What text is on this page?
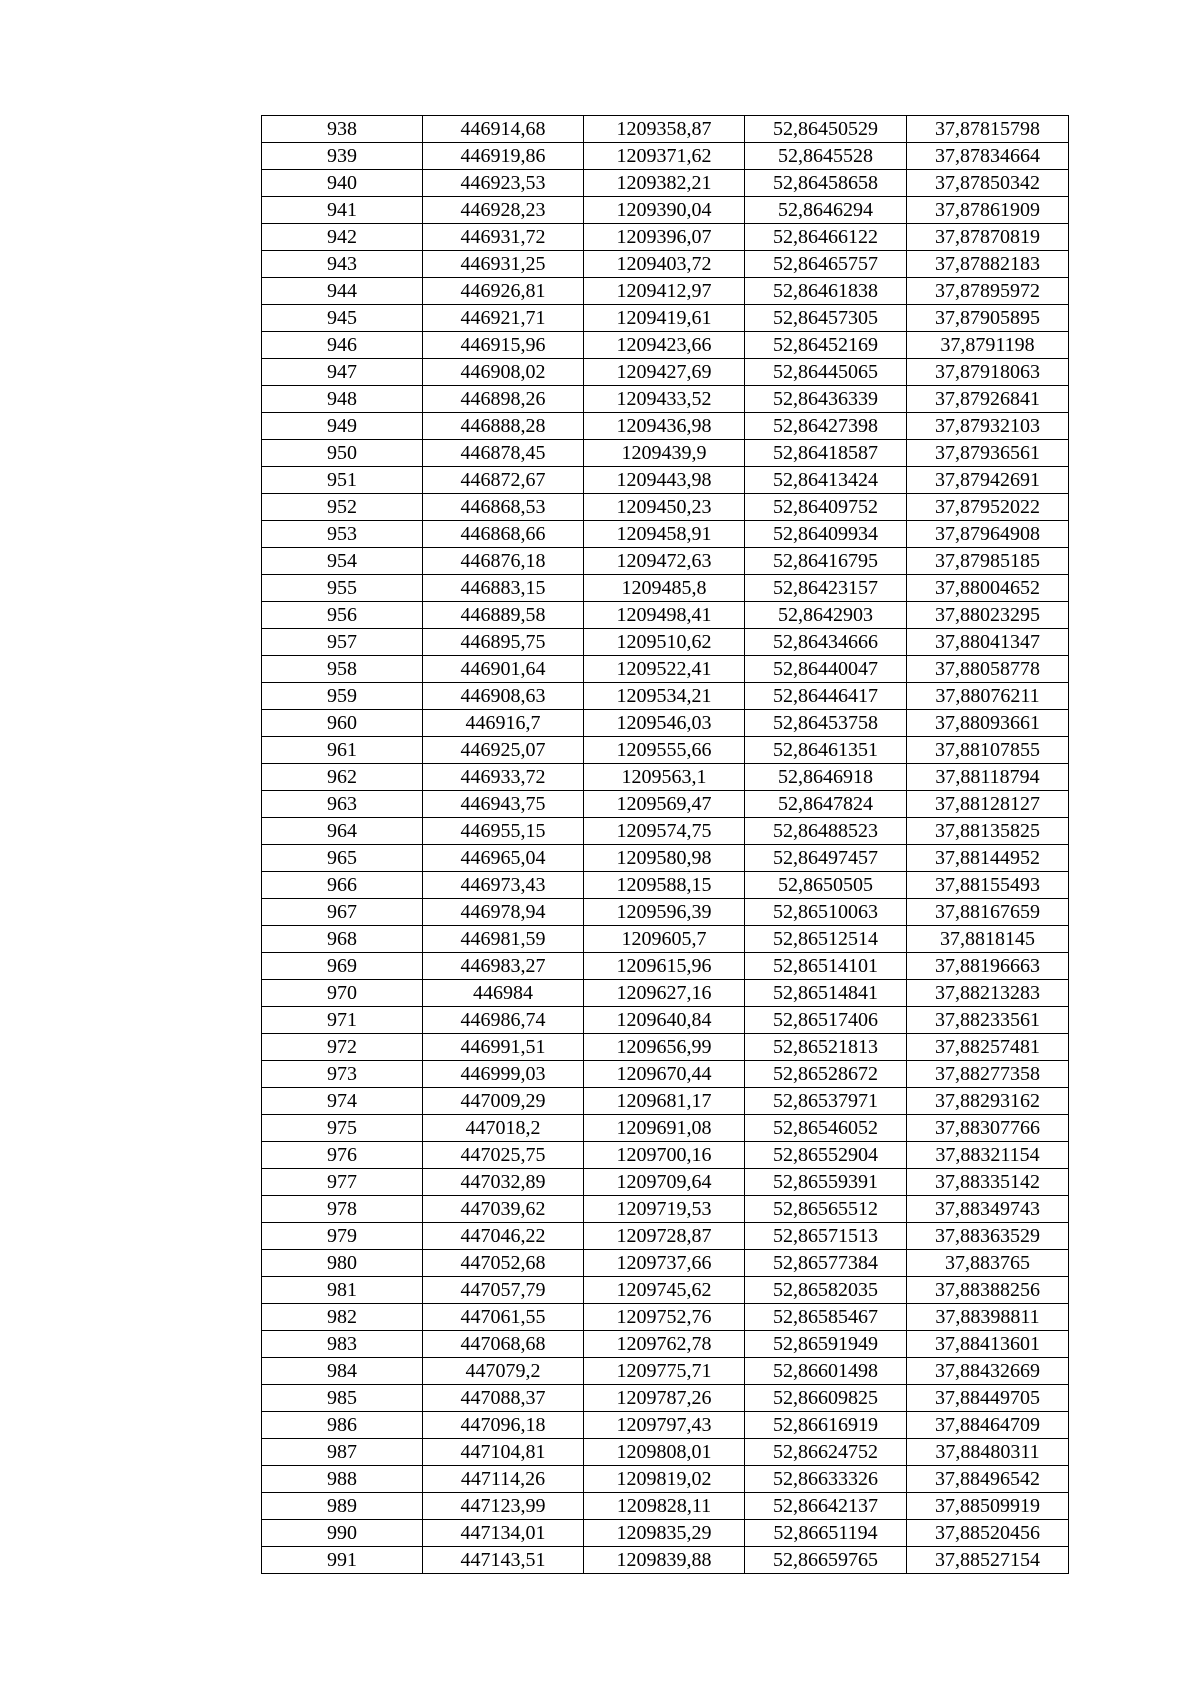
938	446914,68	1209358,87	52,86450529	37,87815798
939	446919,86	1209371,62	52,8645528	37,87834664
940	446923,53	1209382,21	52,86458658	37,87850342
941	446928,23	1209390,04	52,8646294	37,87861909
942	446931,72	1209396,07	52,86466122	37,87870819
943	446931,25	1209403,72	52,86465757	37,87882183
944	446926,81	1209412,97	52,86461838	37,87895972
945	446921,71	1209419,61	52,86457305	37,87905895
946	446915,96	1209423,66	52,86452169	37,8791198
947	446908,02	1209427,69	52,86445065	37,87918063
948	446898,26	1209433,52	52,86436339	37,87926841
949	446888,28	1209436,98	52,86427398	37,87932103
950	446878,45	1209439,9	52,86418587	37,87936561
951	446872,67	1209443,98	52,86413424	37,87942691
952	446868,53	1209450,23	52,86409752	37,87952022
953	446868,66	1209458,91	52,86409934	37,87964908
954	446876,18	1209472,63	52,86416795	37,87985185
955	446883,15	1209485,8	52,86423157	37,88004652
956	446889,58	1209498,41	52,8642903	37,88023295
957	446895,75	1209510,62	52,86434666	37,88041347
958	446901,64	1209522,41	52,86440047	37,88058778
959	446908,63	1209534,21	52,86446417	37,88076211
960	446916,7	1209546,03	52,86453758	37,88093661
961	446925,07	1209555,66	52,86461351	37,88107855
962	446933,72	1209563,1	52,8646918	37,88118794
963	446943,75	1209569,47	52,8647824	37,88128127
964	446955,15	1209574,75	52,86488523	37,88135825
965	446965,04	1209580,98	52,86497457	37,88144952
966	446973,43	1209588,15	52,8650505	37,88155493
967	446978,94	1209596,39	52,86510063	37,88167659
968	446981,59	1209605,7	52,86512514	37,8818145
969	446983,27	1209615,96	52,86514101	37,88196663
970	446984	1209627,16	52,86514841	37,88213283
971	446986,74	1209640,84	52,86517406	37,88233561
972	446991,51	1209656,99	52,86521813	37,88257481
973	446999,03	1209670,44	52,86528672	37,88277358
974	447009,29	1209681,17	52,86537971	37,88293162
975	447018,2	1209691,08	52,86546052	37,88307766
976	447025,75	1209700,16	52,86552904	37,88321154
977	447032,89	1209709,64	52,86559391	37,88335142
978	447039,62	1209719,53	52,86565512	37,88349743
979	447046,22	1209728,87	52,86571513	37,88363529
980	447052,68	1209737,66	52,86577384	37,883765
981	447057,79	1209745,62	52,86582035	37,88388256
982	447061,55	1209752,76	52,86585467	37,88398811
983	447068,68	1209762,78	52,86591949	37,88413601
984	447079,2	1209775,71	52,86601498	37,88432669
985	447088,37	1209787,26	52,86609825	37,88449705
986	447096,18	1209797,43	52,86616919	37,88464709
987	447104,81	1209808,01	52,86624752	37,88480311
988	447114,26	1209819,02	52,86633326	37,88496542
989	447123,99	1209828,11	52,86642137	37,88509919
990	447134,01	1209835,29	52,86651194	37,88520456
991	447143,51	1209839,88	52,86659765	37,88527154
